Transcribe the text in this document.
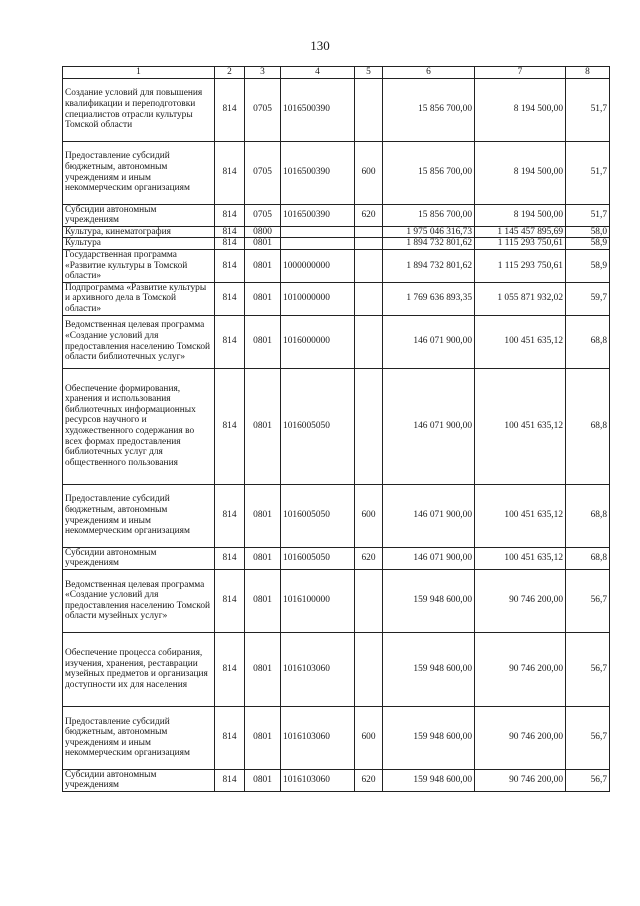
130
1	2	3	4	5	6	7	8
Создание условий для повышения квалификации и переподготовки специалистов отрасли культуры Томской области	814	0705	1016500390		15 856 700,00	8 194 500,00	51,7
Предоставление субсидий бюджетным, автономным учреждениям и иным некоммерческим организациям	814	0705	1016500390	600	15 856 700,00	8 194 500,00	51,7
Субсидии автономным учреждениям	814	0705	1016500390	620	15 856 700,00	8 194 500,00	51,7
Культура, кинематография	814	0800			1 975 046 316,73	1 145 457 895,69	58,0
Культура	814	0801			1 894 732 801,62	1 115 293 750,61	58,9
Государственная программа «Развитие культуры в Томской области»	814	0801	1000000000		1 894 732 801,62	1 115 293 750,61	58,9
Подпрограмма «Развитие культуры и архивного дела в Томской области»	814	0801	1010000000		1 769 636 893,35	1 055 871 932,02	59,7
Ведомственная целевая программа «Создание условий для предоставления населению Томской области библиотечных услуг»	814	0801	1016000000		146 071 900,00	100 451 635,12	68,8
Обеспечение формирования, хранения и использования библиотечных информационных ресурсов научного и художественного содержания во всех формах предоставления библиотечных услуг для общественного пользования	814	0801	1016005050		146 071 900,00	100 451 635,12	68,8
Предоставление субсидий бюджетным, автономным учреждениям и иным некоммерческим организациям	814	0801	1016005050	600	146 071 900,00	100 451 635,12	68,8
Субсидии автономным учреждениям	814	0801	1016005050	620	146 071 900,00	100 451 635,12	68,8
Ведомственная целевая программа «Создание условий для предоставления населению Томской области музейных услуг»	814	0801	1016100000		159 948 600,00	90 746 200,00	56,7
Обеспечение процесса собирания, изучения, хранения, реставрации музейных предметов и организация доступности их для населения	814	0801	1016103060		159 948 600,00	90 746 200,00	56,7
Предоставление субсидий бюджетным, автономным учреждениям и иным некоммерческим организациям	814	0801	1016103060	600	159 948 600,00	90 746 200,00	56,7
Субсидии автономным учреждениям	814	0801	1016103060	620	159 948 600,00	90 746 200,00	56,7
